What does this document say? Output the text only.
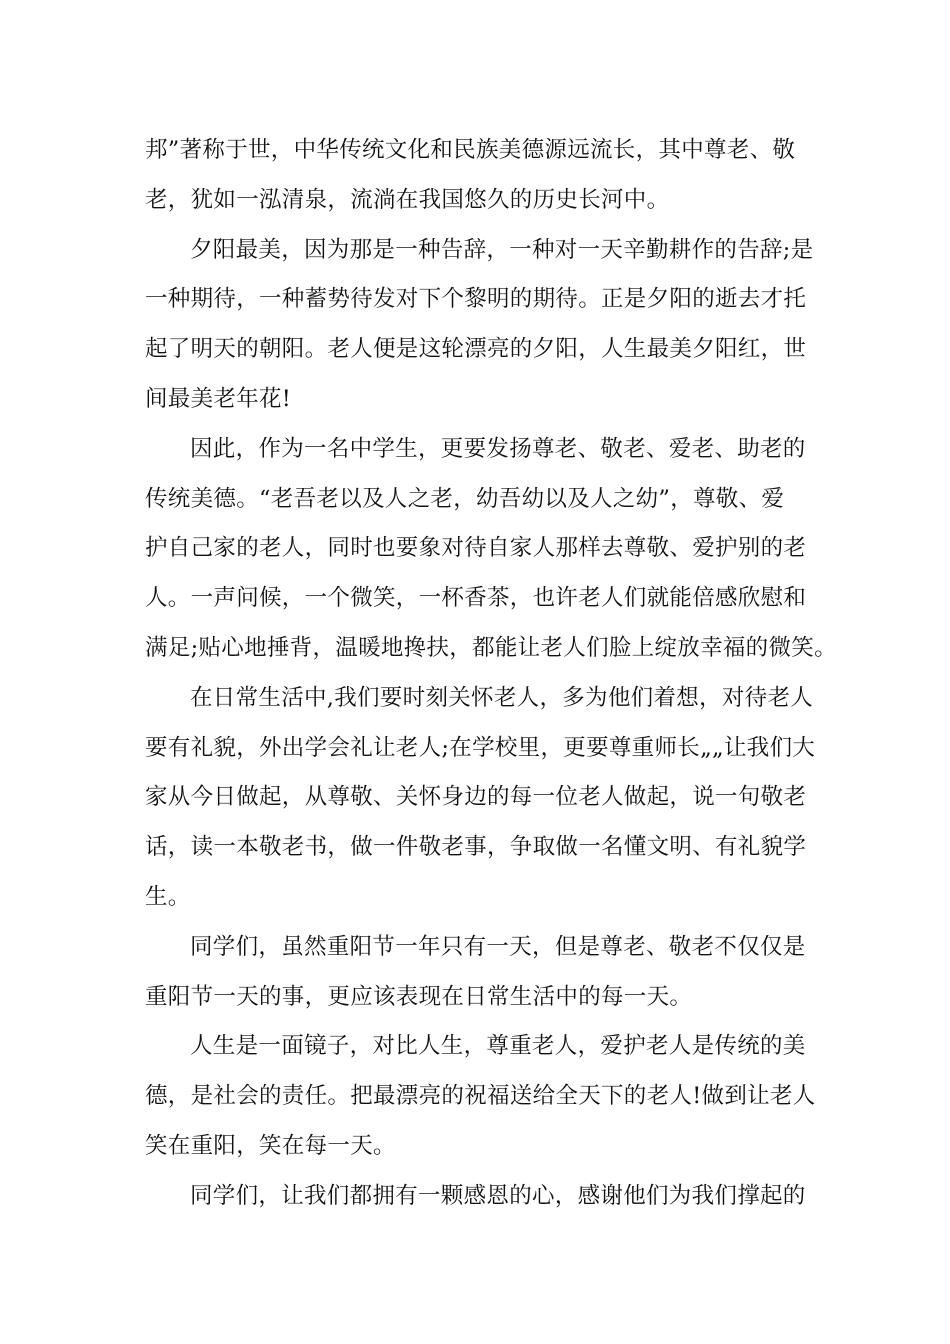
邦”著称于世，中华传统文化和民族美德源远流长，其中尊老、敬
老，犹如一泓清泉，流淌在我国悠久的历史长河中。
夕阳最美，因为那是一种告辞，一种对一天辛勤耕作的告辞;是
一种期待，一种蓄势待发对下个黎明的期待。正是夕阳的逝去才托
起了明天的朝阳。老人便是这轮漂亮的夕阳，人生最美夕阳红，世
间最美老年花!
因此，作为一名中学生，更要发扬尊老、敬老、爱老、助老的
传统美德。“老吾老以及人之老，幼吾幼以及人之幼”，尊敬、爱
护自己家的老人，同时也要象对待自家人那样去尊敬、爱护别的老
人。一声问候，一个微笑，一杯香茶，也许老人们就能倍感欣慰和
满足;贴心地捶背，温暖地搀扶，都能让老人们脸上绽放幸福的微笑。
在日常生活中,我们要时刻关怀老人，多为他们着想，对待老人
要有礼貌，外出学会礼让老人;在学校里，更要尊重师长„„让我们大
家从今日做起，从尊敬、关怀身边的每一位老人做起，说一句敬老
话，读一本敬老书，做一件敬老事，争取做一名懂文明、有礼貌学
生。
同学们，虽然重阳节一年只有一天，但是尊老、敬老不仅仅是
重阳节一天的事，更应该表现在日常生活中的每一天。
人生是一面镜子，对比人生，尊重老人，爱护老人是传统的美
德，是社会的责任。把最漂亮的祝福送给全天下的老人!做到让老人
笑在重阳，笑在每一天。
同学们，让我们都拥有一颗感恩的心，感谢他们为我们撑起的
